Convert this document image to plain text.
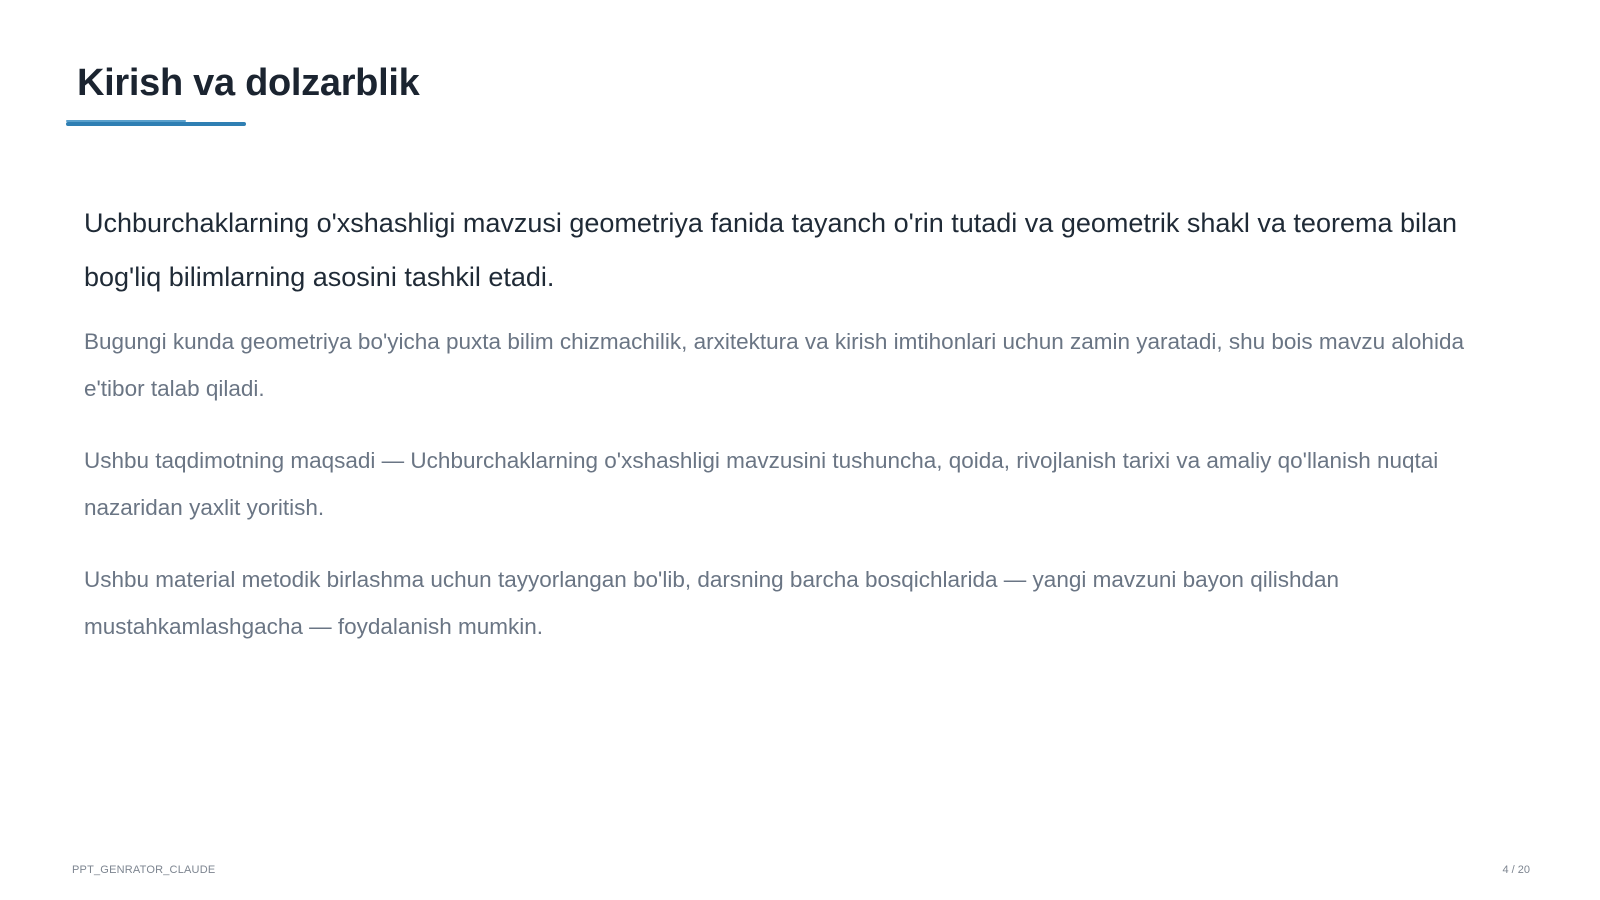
Kirish va dolzarblik

Uchburchaklarning o'xshashligi mavzusi geometriya fanida tayanch o'rin tutadi va geometrik shakl va teorema bilan bog'liq bilimlarning asosini tashkil etadi.

Bugungi kunda geometriya bo'yicha puxta bilim chizmachilik, arxitektura va kirish imtihonlari uchun zamin yaratadi, shu bois mavzu alohida e'tibor talab qiladi.

Ushbu taqdimotning maqsadi — Uchburchaklarning o'xshashligi mavzusini tushuncha, qoida, rivojlanish tarixi va amaliy qo'llanish nuqtai nazaridan yaxlit yoritish.

Ushbu material metodik birlashma uchun tayyorlangan bo'lib, darsning barcha bosqichlarida — yangi mavzuni bayon qilishdan mustahkamlashgacha — foydalanish mumkin.

PPT_GENRATOR_CLAUDE	4 / 20
